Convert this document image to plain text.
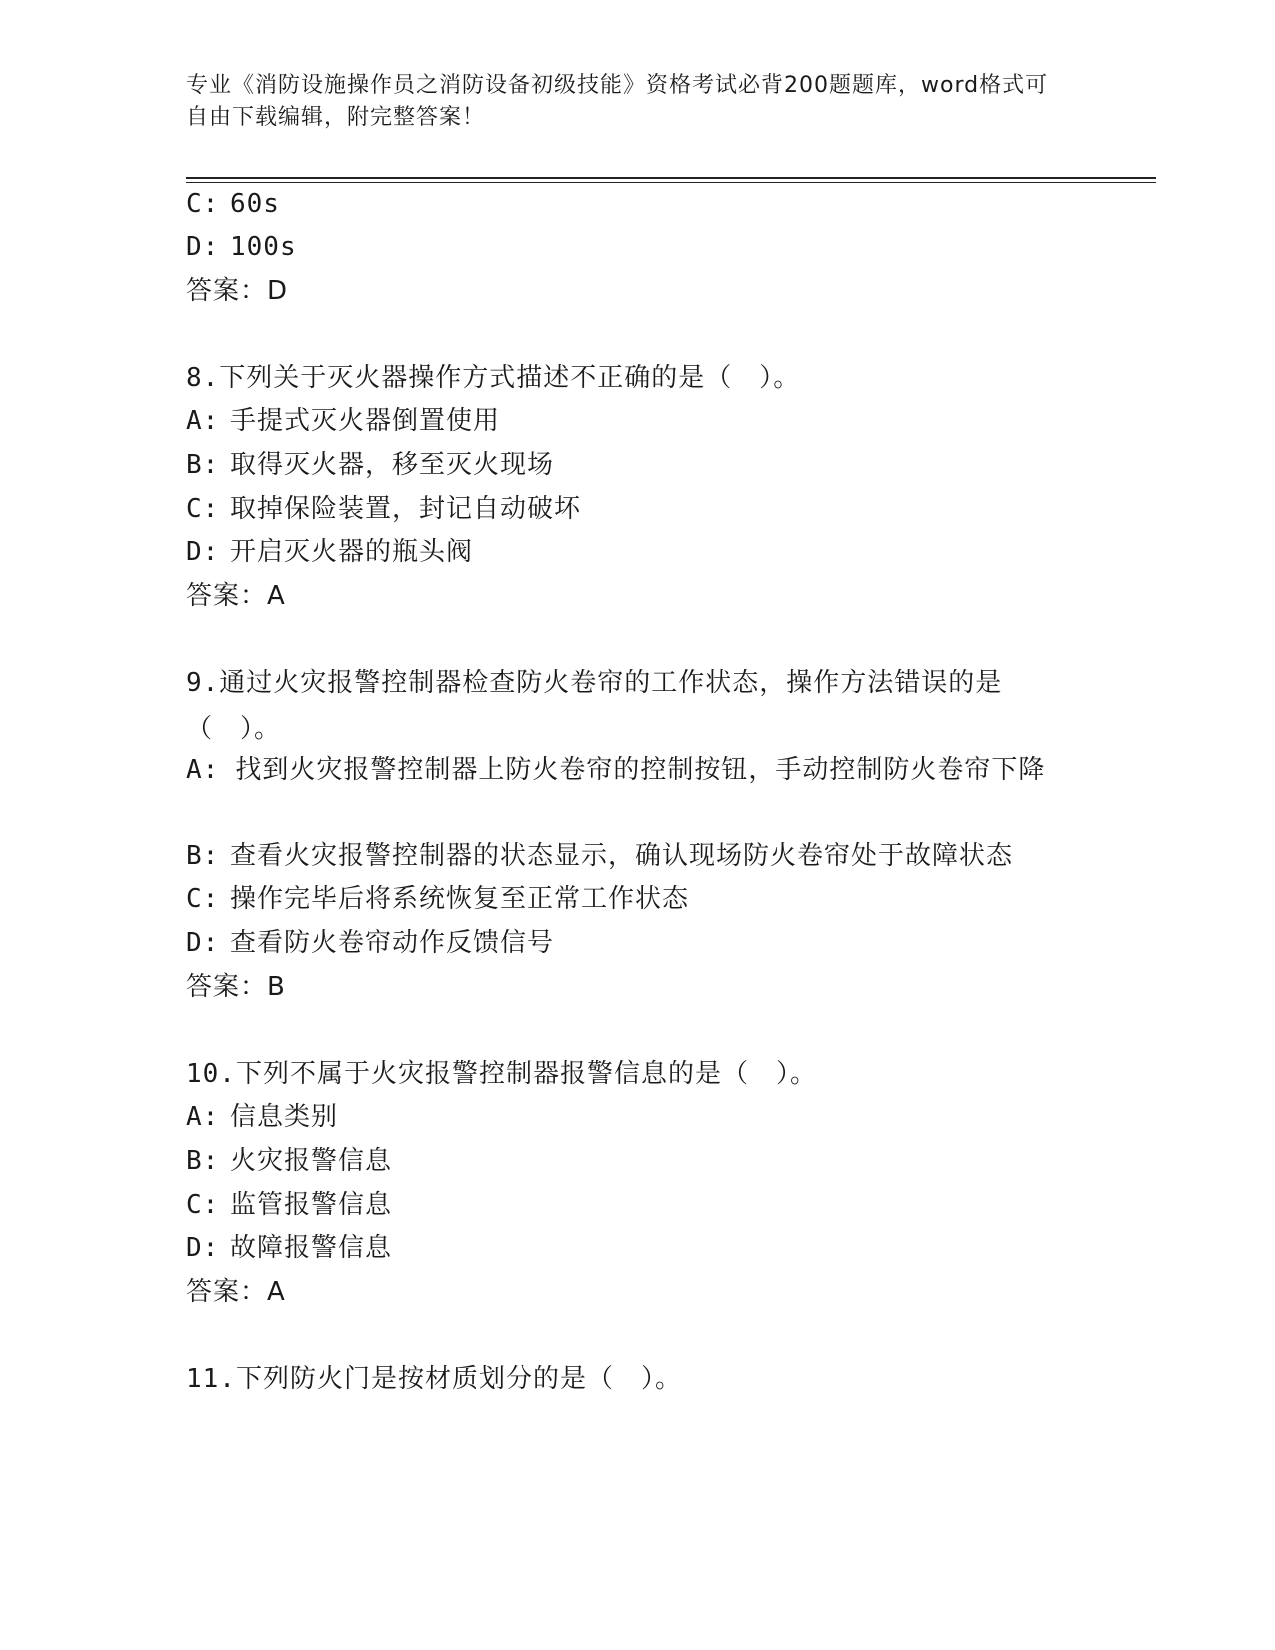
专业《消防设施操作员之消防设备初级技能》资格考试必背200题题库，word格式可自由下载编辑，附完整答案！
C: 60s
D: 100s
答案：D
8.下列关于灭火器操作方式描述不正确的是（　）。
A: 手提式灭火器倒置使用
B: 取得灭火器，移至灭火现场
C: 取掉保险装置，封记自动破坏
D: 开启灭火器的瓶头阀
答案：A
9.通过火灾报警控制器检查防火卷帘的工作状态，操作方法错误的是（　）。
A: 找到火灾报警控制器上防火卷帘的控制按钮，手动控制防火卷帘下降
B: 查看火灾报警控制器的状态显示，确认现场防火卷帘处于故障状态
C: 操作完毕后将系统恢复至正常工作状态
D: 查看防火卷帘动作反馈信号
答案：B
10.下列不属于火灾报警控制器报警信息的是（　）。
A: 信息类别
B: 火灾报警信息
C: 监管报警信息
D: 故障报警信息
答案：A
11.下列防火门是按材质划分的是（　）。
